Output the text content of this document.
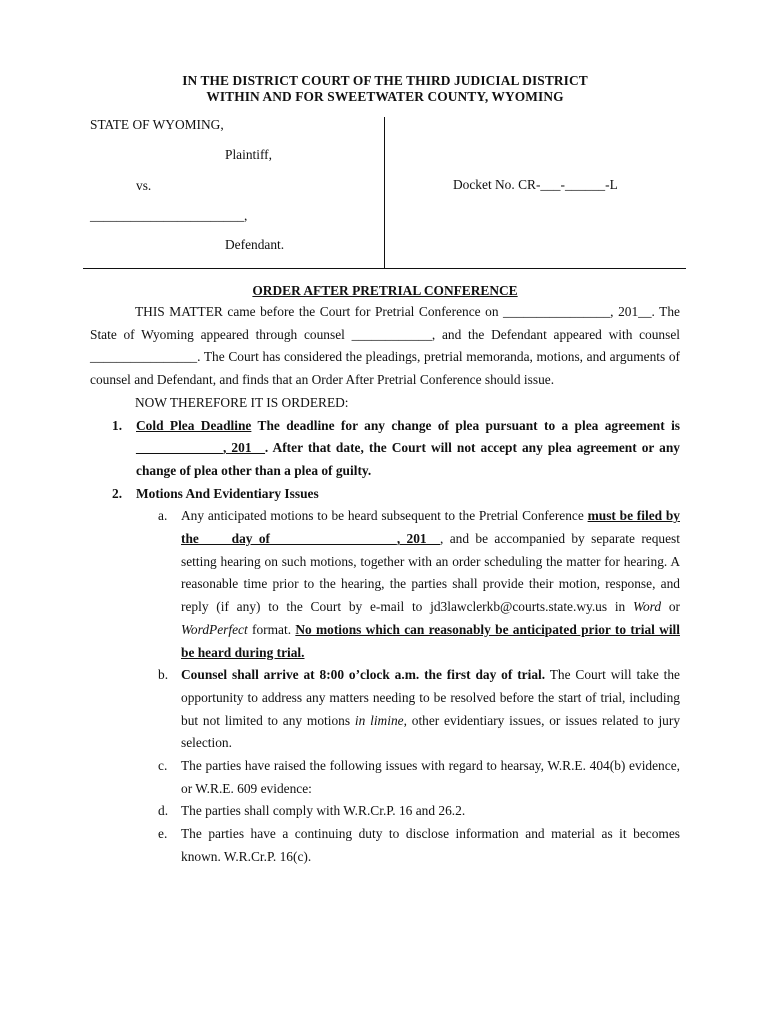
IN THE DISTRICT COURT OF THE THIRD JUDICIAL DISTRICT
WITHIN AND FOR SWEETWATER COUNTY, WYOMING
STATE OF WYOMING,
Plaintiff,
vs.
_______________________,
Defendant.
Docket No. CR-___-______-L
ORDER AFTER PRETRIAL CONFERENCE

THIS MATTER came before the Court for Pretrial Conference on ________________, 201__. The State of Wyoming appeared through counsel ____________, and the Defendant appeared with counsel ________________. The Court has considered the pleadings, pretrial memoranda, motions, and arguments of counsel and Defendant, and finds that an Order After Pretrial Conference should issue.

NOW THEREFORE IT IS ORDERED:

1. Cold Plea Deadline The deadline for any change of plea pursuant to a plea agreement is _____________, 201__. After that date, the Court will not accept any plea agreement or any change of plea other than a plea of guilty.
2. Motions And Evidentiary Issues
a. Any anticipated motions to be heard subsequent to the Pretrial Conference must be filed by the ___ day of __________________, 201__, and be accompanied by separate request setting hearing on such motions, together with an order scheduling the matter for hearing. A reasonable time prior to the hearing, the parties shall provide their motion, response, and reply (if any) to the Court by e-mail to jd3lawclerkb@courts.state.wy.us in Word or WordPerfect format. No motions which can reasonably be anticipated prior to trial will be heard during trial.
b. Counsel shall arrive at 8:00 o’clock a.m. the first day of trial. The Court will take the opportunity to address any matters needing to be resolved before the start of trial, including but not limited to any motions in limine, other evidentiary issues, or issues related to jury selection.
c. The parties have raised the following issues with regard to hearsay, W.R.E. 404(b) evidence, or W.R.E. 609 evidence:
d. The parties shall comply with W.R.Cr.P. 16 and 26.2.
e. The parties have a continuing duty to disclose information and material as it becomes known. W.R.Cr.P. 16(c).
